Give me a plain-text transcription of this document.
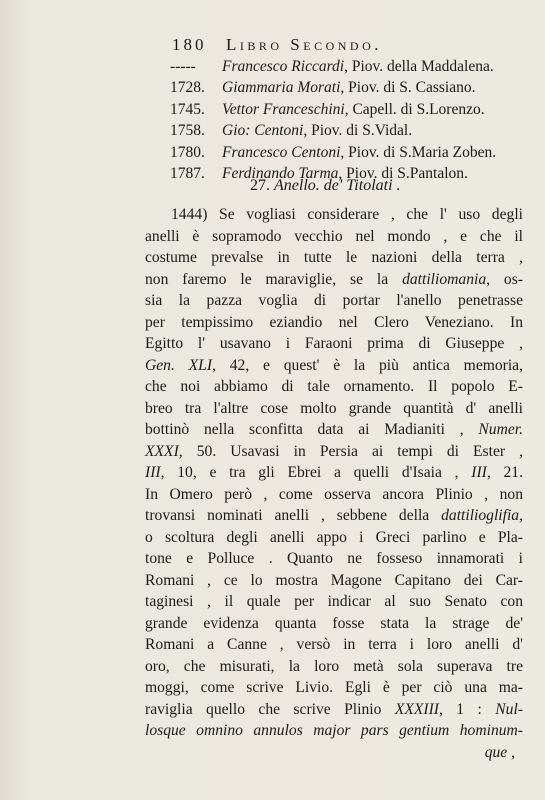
180 Libro Secondo.
----- Francesco Riccardi, Piov. della Maddalena.
1728. Giammaria Morati, Piov. di S. Cassiano.
1745. Vettor Franceschini, Capell. di S.Lorenzo.
1758. Gio: Centoni, Piov. di S.Vidal.
1780. Francesco Centoni, Piov. di S.Maria Zoben.
1787. Ferdinando Tarma, Piov. di S.Pantalon.
27. Anello. de' Titolati .
1444) Se vogliasi considerare , che l' uso degli
anelli è sopramodo vecchio nel mondo , e che il
costume prevalse in tutte le nazioni della terra ,
non faremo le maraviglie, se la dattiliomania, os-
sia la pazza voglia di portar l'anello penetrasse
per tempissimo eziandio nel Clero Veneziano. In
Egitto l' usavano i Faraoni prima di Giuseppe ,
Gen. XLI, 42, e quest' è la più antica memoria,
che noi abbiamo di tale ornamento. Il popolo E-
breo tra l'altre cose molto grande quantità d' anelli
bottinò nella sconfitta data ai Madianiti , Numer.
XXXI, 50. Usavasi in Persia ai tempi di Ester ,
III, 10, e tra gli Ebrei a quelli d'Isaia , III, 21.
In Omero però , come osserva ancora Plinio , non
trovansi nominati anelli , sebbene della dattilioglifia,
o scoltura degli anelli appo i Greci parlino e Pla-
tone e Polluce . Quanto ne fosseso innamorati i
Romani , ce lo mostra Magone Capitano dei Car-
taginesi , il quale per indicar al suo Senato con
grande evidenza quanta fosse stata la strage de'
Romani a Canne , versò in terra i loro anelli d'
oro, che misurati, la loro metà sola superava tre
moggi, come scrive Livio. Egli è per ciò una ma-
raviglia quello che scrive Plinio XXXIII, 1 : Nul-
losque omnino annulos major pars gentium hominum-
que ,
